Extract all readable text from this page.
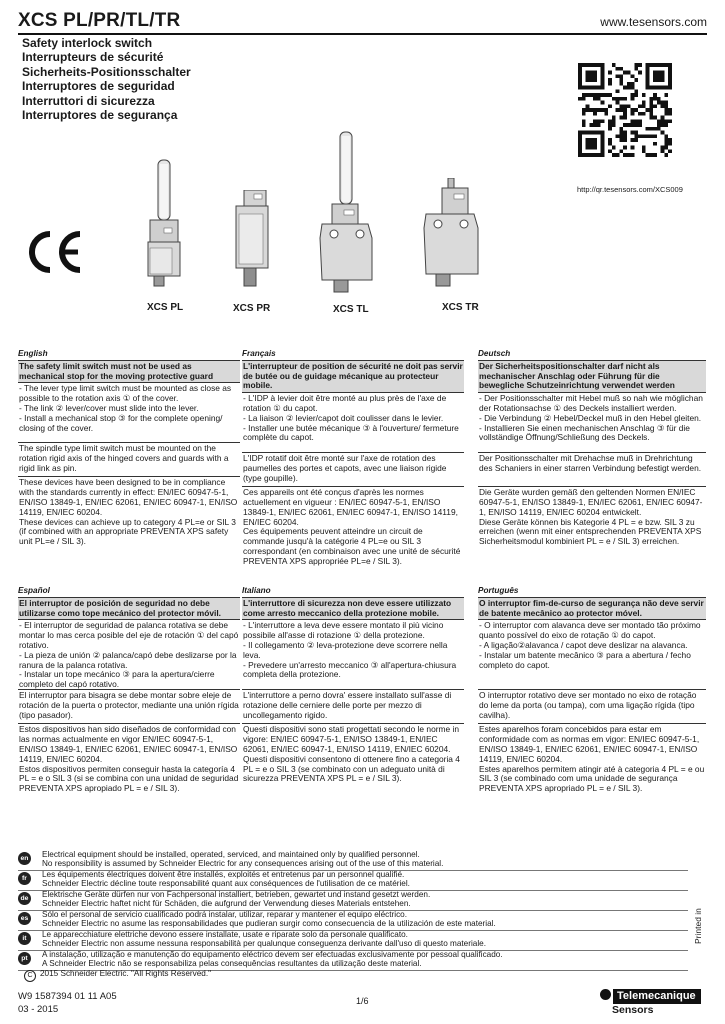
XCS PL/PR/TL/TR	www.tesensors.com
Safety interlock switch
Interrupteurs de sécurité
Sicherheits-Positionsschalter
Interruptores de seguridad
Interruttori di sicurezza
Interruptores de segurança
http://qr.tesensors.com/XCS009
XCS PL	XCS PR	XCS TL	XCS TR
English
The safety limit switch must not be used as mechanical stop for the moving protective guard
- The lever type limit switch must be mounted as close as possible to the rotation axis ① of the cover.
- The link ② lever/cover must slide into the lever.
- Install a mechanical stop ③ for the complete opening/ closing of the cover.
The spindle type limit switch must be mounted on the rotation rigid axis of the hinged covers and guards with a rigid link as pin.
These devices have been designed to be in compliance with the standards currently in effect: EN/IEC 60947-5-1, EN/ISO 13849-1, EN/IEC 62061, EN/IEC 60947-1, EN/ISO 14119, EN/IEC 60204.
These devices can achieve up to category 4 PL=e or SIL 3 (if combined with an appropriate PREVENTA XPS safety unit PL=e / SIL 3).
Français
L'interrupteur de position de sécurité ne doit pas servir de butée ou de guidage mécanique au protecteur mobile.
- L'IDP à levier doit être monté au plus près de l'axe de rotation ① du capot.
- La liaison ② levier/capot doit coulisser dans le levier.
- Installer une butée mécanique ③ à l'ouverture/ fermeture complète du capot.
L'IDP rotatif doit être monté sur l'axe de rotation des paumelles des portes et capots, avec une liaison rigide (type goupille).
Ces appareils ont été conçus d'après les normes actuellement en vigueur : EN/IEC 60947-5-1, EN/ISO 13849-1, EN/IEC 62061, EN/IEC 60947-1, EN/ISO 14119, EN/IEC 60204.
Ces équipements peuvent atteindre un circuit de commande jusqu'à la catégorie 4 PL=e ou SIL 3 correspondant (en combinaison avec une unité de sécurité PREVENTA XPS appropriée PL=e / SIL 3).
Deutsch
Der Sicherheitspositionschalter darf nicht als mechanischer Anschlag oder Führung für die bewegliche Schutzeinrichtung verwendet werden
- Der Positionsschalter mit Hebel muß so nah wie möglichan der Rotationsachse ① des Deckels installiert werden.
- Die Verbindung ② Hebel/Deckel muß in den Hebel gleiten.
- Installieren Sie einen mechanischen Anschlag ③ für die vollständige Öffnung/Schließung des Deckels.
Der Positionsschalter mit Drehachse muß in Drehrichtung des Schaniers in einer starren Verbindung befestigt werden.
Die Geräte wurden gemäß den geltenden Normen EN/IEC 60947-5-1, EN/ISO 13849-1, EN/IEC 62061, EN/IEC 60947-1, EN/ISO 14119, EN/IEC 60204 entwickelt.
Diese Geräte können bis Kategorie 4 PL = e bzw. SIL 3 zu erreichen (wenn mit einer entsprechenden PREVENTA XPS Sicherheitsmodul kombiniert PL = e / SIL 3) erreichen.
Español
El interruptor de posición de seguridad no debe utilizarse como tope mecánico del protector móvil.
- El interruptor de seguridad de palanca rotativa se debe montar lo mas cerca posible del eje de rotación ① del capó rotativo.
- La pieza de unión ② palanca/capó debe deslizarse por la ranura de la palanca rotativa.
- Instalar un tope mecánico ③ para la apertura/cierre completo del capó rotativo.
El interruptor para bisagra se debe montar sobre eleje de rotación de la puerta o protector, mediante una unión rígida (tipo pasador).
Estos dispositivos han sido diseñados de conformidad con las normas actualmente en vigor EN/IEC 60947-5-1, EN/ISO 13849-1, EN/IEC 62061, EN/IEC 60947-1, EN/ISO 14119, EN/IEC 60204.
Estos dispositivos permiten conseguir hasta la categoría 4 PL = e o SIL 3 (si se combina con una unidad de seguridad PREVENTA XPS apropiado PL = e / SIL 3).
Italiano
L'interruttore di sicurezza non deve essere utilizzato come arresto meccanico della protezione mobile.
- L'interruttore a leva deve essere montato il più vicino possibile all'asse di rotazione ① della protezione.
- Il collegamento ② leva-protezione deve scorrere nella leva.
- Prevedere un'arresto meccanico ③ all'apertura-chiusura completa della protezione.
L'interruttore a perno dovra' essere installato sull'asse di rotazione delle cerniere delle porte per mezzo di uncollegamento rigido.
Questi dispositivi sono stati progettati secondo le norme in vigore: EN/IEC 60947-5-1, EN/ISO 13849-1, EN/IEC 62061, EN/IEC 60947-1, EN/ISO 14119, EN/IEC 60204.
Questi dispositivi consentono di ottenere fino a categoria 4 PL = e o SIL 3 (se combinato con un adeguato unità di sicurezza PREVENTA XPS PL = e / SIL 3).
Português
O interruptor fim-de-curso de segurança não deve servir de batente mecânico ao protector móvel.
- O interruptor com alavanca deve ser montado tão próximo quanto possível do eixo de rotação ① do capot.
- A ligação②alavanca / capot deve deslizar na alavanca.
- Instalar um batente mecânico ③ para a abertura / fecho completo do capot.
O interruptor rotativo deve ser montado no eixo de rotação do leme da porta (ou tampa), com uma ligação rígida (tipo cavilha).
Estes aparelhos foram concebidos para estar em conformidade com as normas em vigor: EN/IEC 60947-5-1, EN/ISO 13849-1, EN/IEC 62061, EN/IEC 60947-1, EN/ISO 14119, EN/IEC 60204.
Estes aparelhos permitem atingir até à categoria 4 PL = e ou SIL 3 (se combinado com uma unidade de segurança PREVENTA XPS apropriado PL = e / SIL 3).
en	Electrical equipment should be installed, operated, serviced, and maintained only by qualified personnel.
No responsibility is assumed by Schneider Electric for any consequences arising out of the use of this material.
fr	Les équipements électriques doivent être installés, exploités et entretenus par un personnel qualifié.
Schneider Electric décline toute responsabilité quant aux conséquences de l'utilisation de ce matériel.
de	Elektrische Geräte dürfen nur von Fachpersonal installiert, betrieben, gewartet und instand gesetzt werden.
Schneider Electric haftet nicht für Schäden, die aufgrund der Verwendung dieses Materials entstehen.
es	Sólo el personal de servicio cualificado podrá instalar, utilizar, reparar y mantener el equipo eléctrico.
Schneider Electric no asume las responsabilidades que pudieran surgir como consecuencia de la utilización de este material.
it	Le apparecchiature elettriche devono essere installate, usate e riparate solo da personale qualificato.
Schneider Electric non assume nessuna responsabilità per qualunque conseguenza derivante dall'uso di questo materiale.
pt	A instalação, utilização e manutenção do equipamento eléctrico devem ser efectuadas exclusivamente por pessoal qualificado.
A Schneider Electric não se responsabiliza pelas consequências resultantes da utilização deste material.
C 2015 Schneider Electric. "All Rights Reserved."
Printed in
W9 1587394 01 11 A05
03 - 2015
1/6	Telemecanique
Sensors
